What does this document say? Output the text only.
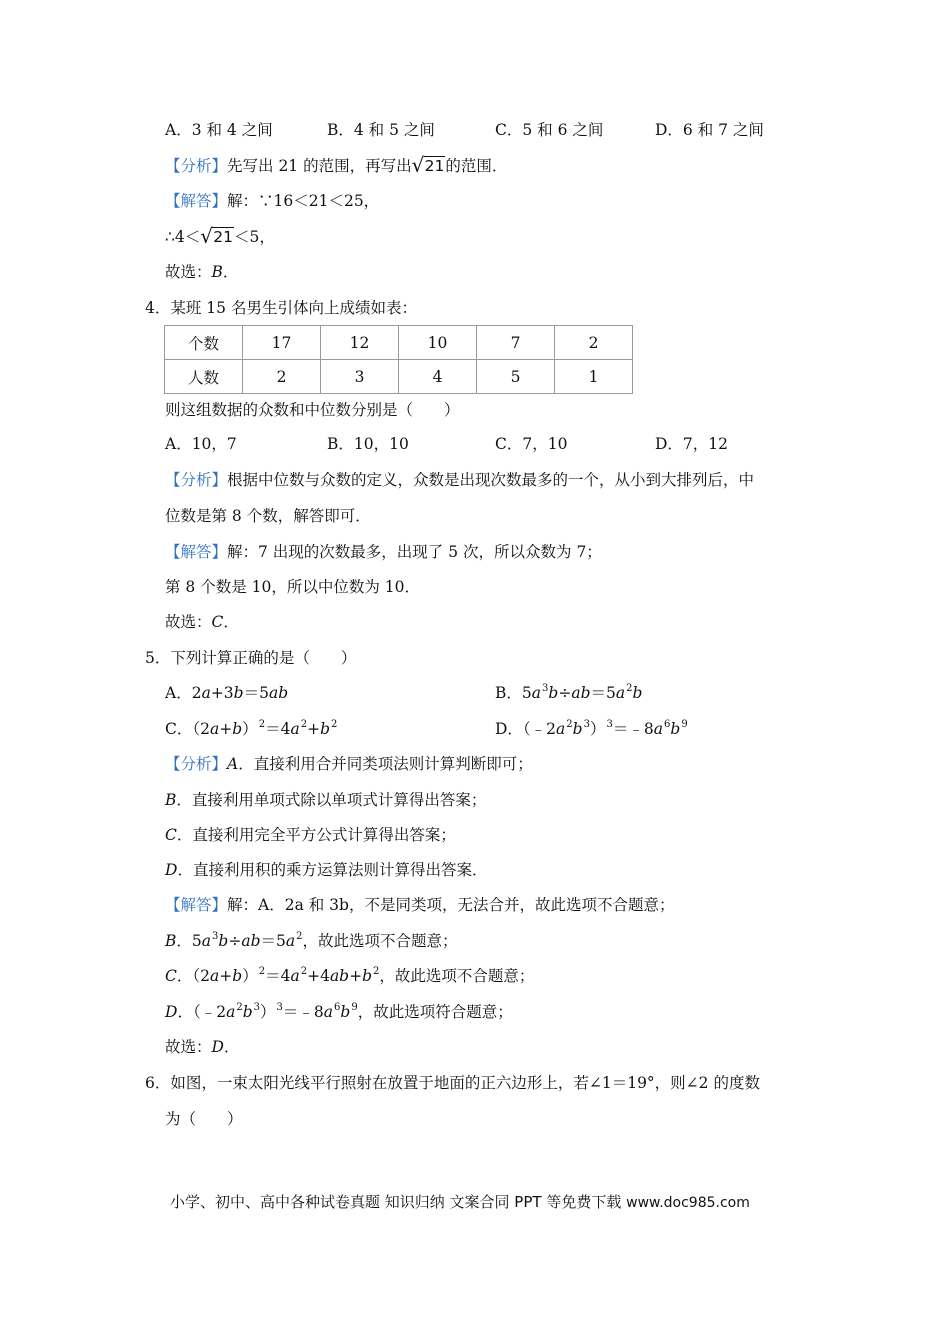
A．3 和 4 之间	B．4 和 5 之间	C．5 和 6 之间	D．6 和 7 之间
【分析】先写出 21 的范围，再写出 √ 21的范围．
【解答】解：∵16＜21＜25，
∴4＜ √ 21＜5，
故选：B．
4．某班 15 名男生引体向上成绩如表：
个数	17	12	10	7	2
人数	2	3	4	5	1
则这组数据的众数和中位数分别是（　　）
A．10，7	B．10，10	C．7，10	D．7，12
【分析】根据中位数与众数的定义，众数是出现次数最多的一个，从小到大排列后，中
位数是第 8 个数，解答即可．
【解答】解：7 出现的次数最多，出现了 5 次，所以众数为 7；
第 8 个数是 10，所以中位数为 10．
故选：C．
5．下列计算正确的是（　　）
A．2a+3b＝5ab	B．$5a^3b\div ab=5a^2b$
C．$(2a+b)^2=4a^2+b^2$	D．$(﹣2a^2b^3)^3=﹣8a^6b^9$
【分析】A．直接利用合并同类项法则计算判断即可；
B．直接利用单项式除以单项式计算得出答案；
C．直接利用完全平方公式计算得出答案；
D．直接利用积的乘方运算法则计算得出答案．
【解答】解：A．2a 和 3b，不是同类项，无法合并，故此选项不合题意；
B．$5a^3b\div ab=5a^2$，故此选项不合题意；
C．$(2a+b)^2=4a^2+4ab+b^2$，故此选项不合题意；
D．$(﹣2a^2b^3)^3=﹣8a^6b^9$，故此选项符合题意；
故选：D．
6．如图，一束太阳光线平行照射在放置于地面的正六边形上，若∠1＝19°，则∠2 的度数
为（　　）
小学、初中、高中各种试卷真题 知识归纳 文案合同 PPT 等免费下载 www.doc985.com
